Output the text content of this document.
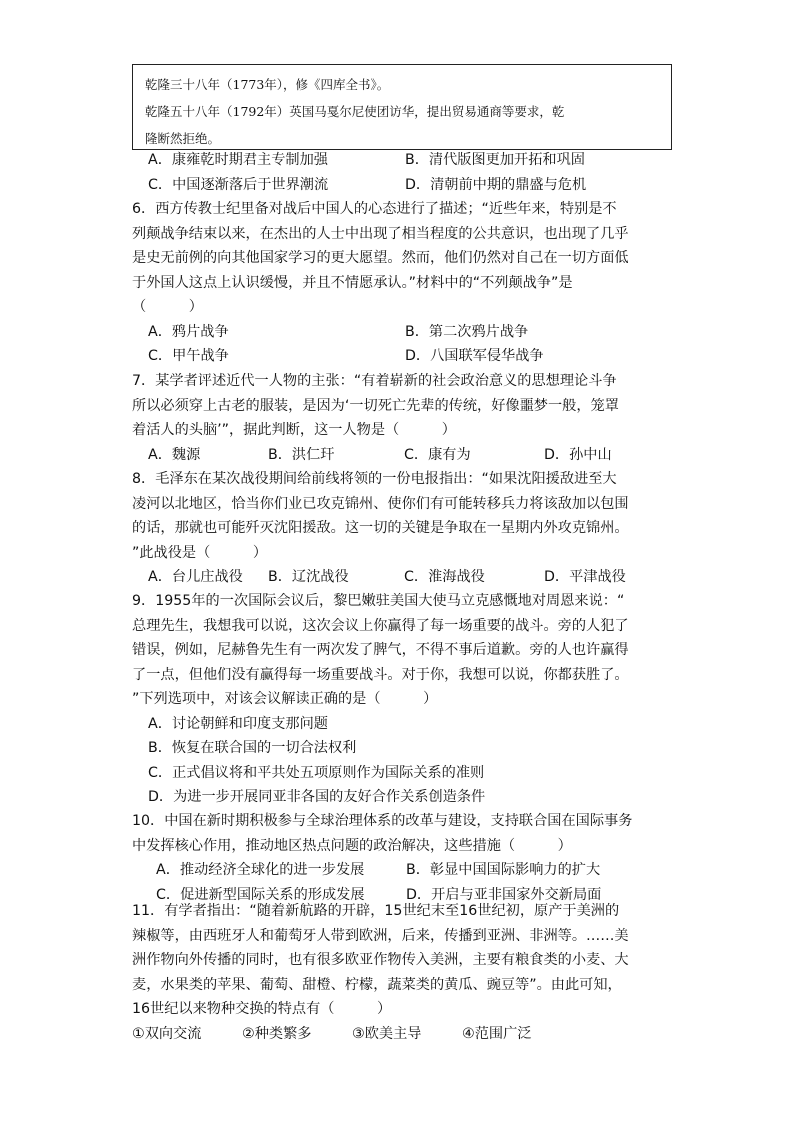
乾隆三十八年（1773年），修《四库全书》。

乾隆五十八年（1792年）英国马戛尔尼使团访华，提出贸易通商等要求，乾

隆断然拒绝。

A．康雍乾时期君主专制加强	B．清代版图更加开拓和巩固
C．中国逐渐落后于世界潮流	D．清朝前中期的鼎盛与危机

6．西方传教士纪里备对战后中国人的心态进行了描述；“近些年来，特别是不

列颠战争结束以来，在杰出的人士中出现了相当程度的公共意识，也出现了几乎

是史无前例的向其他国家学习的更大愿望。然而，他们仍然对自己在一切方面低

于外国人这点上认识缓慢，并且不情愿承认。”材料中的“不列颠战争”是

（　　　）

A．鸦片战争	B．第二次鸦片战争
C．甲午战争	D．八国联军侵华战争

7．某学者评述近代一人物的主张：“有着崭新的社会政治意义的思想理论斗争

所以必须穿上古老的服装，是因为‘一切死亡先辈的传统，好像噩梦一般，笼罩

着活人的头脑’”，据此判断，这一人物是（　　　）

A．魏源	B．洪仁玕	C．康有为	D．孙中山

8．毛泽东在某次战役期间给前线将领的一份电报指出：“如果沈阳援敌进至大

凌河以北地区，恰当你们业已攻克锦州、使你们有可能转移兵力将该敌加以包围

的话，那就也可能歼灭沈阳援敌。这一切的关键是争取在一星期内外攻克锦州。

”此战役是（　　　）

A．台儿庄战役	B．辽沈战役	C．淮海战役	D．平津战役

9．1955年的一次国际会议后，黎巴嫩驻美国大使马立克感慨地对周恩来说：“

总理先生，我想我可以说，这次会议上你赢得了每一场重要的战斗。旁的人犯了

错误，例如，尼赫鲁先生有一两次发了脾气，不得不事后道歉。旁的人也许赢得

了一点，但他们没有赢得每一场重要战斗。对于你，我想可以说，你都获胜了。

”下列选项中，对该会议解读正确的是（　　　）

A．讨论朝鲜和印度支那问题

B．恢复在联合国的一切合法权利

C．正式倡议将和平共处五项原则作为国际关系的准则

D．为进一步开展同亚非各国的友好合作关系创造条件

10．中国在新时期积极参与全球治理体系的改革与建设，支持联合国在国际事务

中发挥核心作用，推动地区热点问题的政治解决，这些措施（　　　）

A．推动经济全球化的进一步发展	B．彰显中国国际影响力的扩大
C．促进新型国际关系的形成发展	D．开启与亚非国家外交新局面

11．有学者指出：“随着新航路的开辟，15世纪末至16世纪初，原产于美洲的

辣椒等，由西班牙人和葡萄牙人带到欧洲，后来，传播到亚洲、非洲等。……美

洲作物向外传播的同时，也有很多欧亚作物传入美洲，主要有粮食类的小麦、大

麦，水果类的苹果、葡萄、甜橙、柠檬，蔬菜类的黄瓜、豌豆等”。由此可知，

16世纪以来物种交换的特点有（　　　）

①双向交流	②种类繁多	③欧美主导	④范围广泛
